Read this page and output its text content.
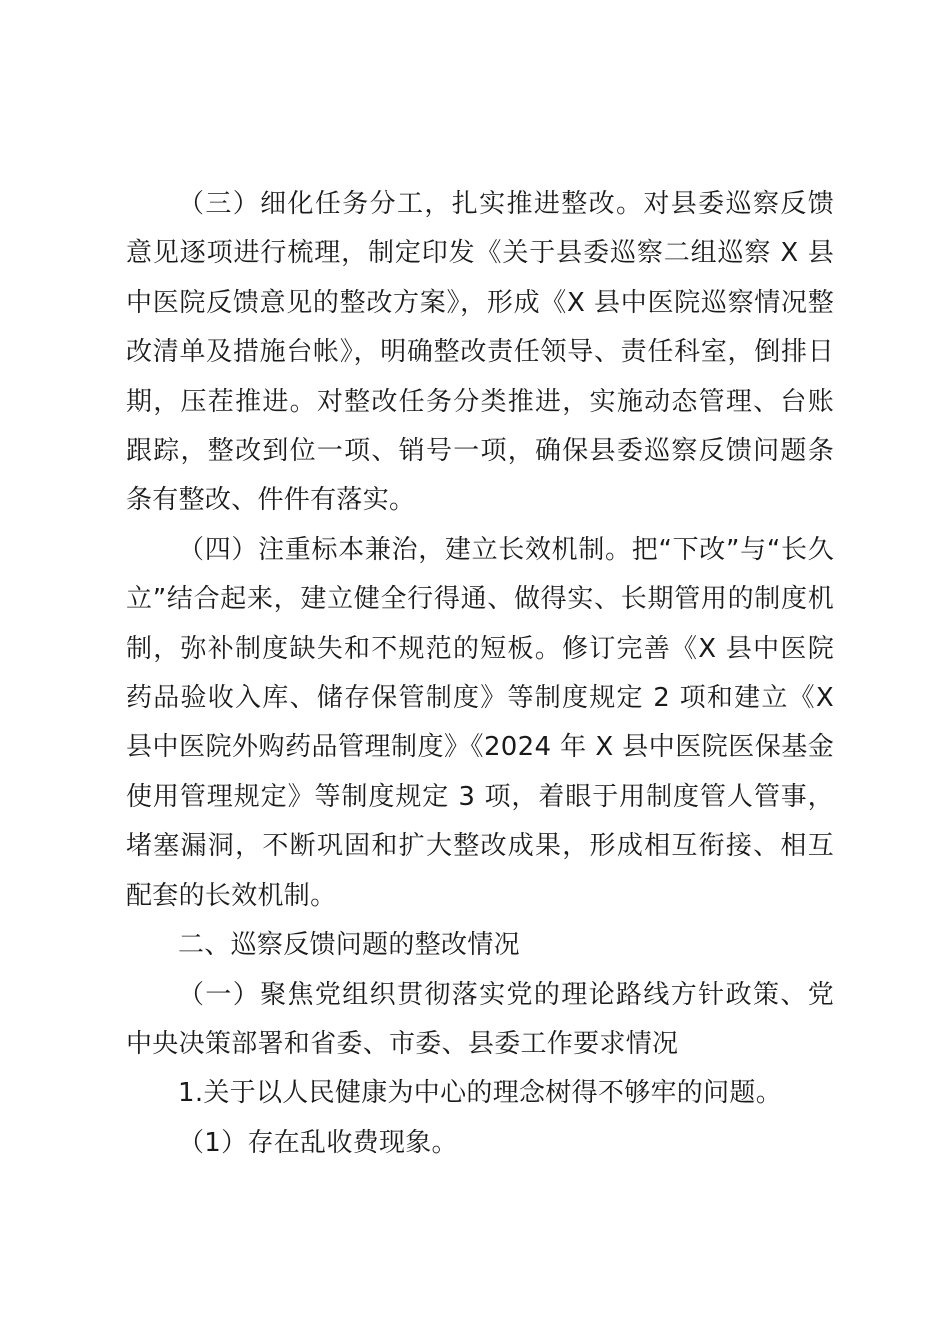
（三）细化任务分工，扎实推进整改。对县委巡察反馈意见逐项进行梳理，制定印发《关于县委巡察二组巡察 X 县中医院反馈意见的整改方案》，形成《X 县中医院巡察情况整改清单及措施台帐》，明确整改责任领导、责任科室，倒排日期，压茬推进。对整改任务分类推进，实施动态管理、台账跟踪，整改到位一项、销号一项，确保县委巡察反馈问题条条有整改、件件有落实。

（四）注重标本兼治，建立长效机制。把“下改”与“长久立”结合起来，建立健全行得通、做得实、长期管用的制度机制，弥补制度缺失和不规范的短板。修订完善《X 县中医院药品验收入库、储存保管制度》等制度规定 2 项和建立《X 县中医院外购药品管理制度》《2024 年 X 县中医院医保基金使用管理规定》等制度规定 3 项，着眼于用制度管人管事，堵塞漏洞，不断巩固和扩大整改成果，形成相互衔接、相互配套的长效机制。

二、巡察反馈问题的整改情况

（一）聚焦党组织贯彻落实党的理论路线方针政策、党中央决策部署和省委、市委、县委工作要求情况

1.关于以人民健康为中心的理念树得不够牢的问题。

（1）存在乱收费现象。
